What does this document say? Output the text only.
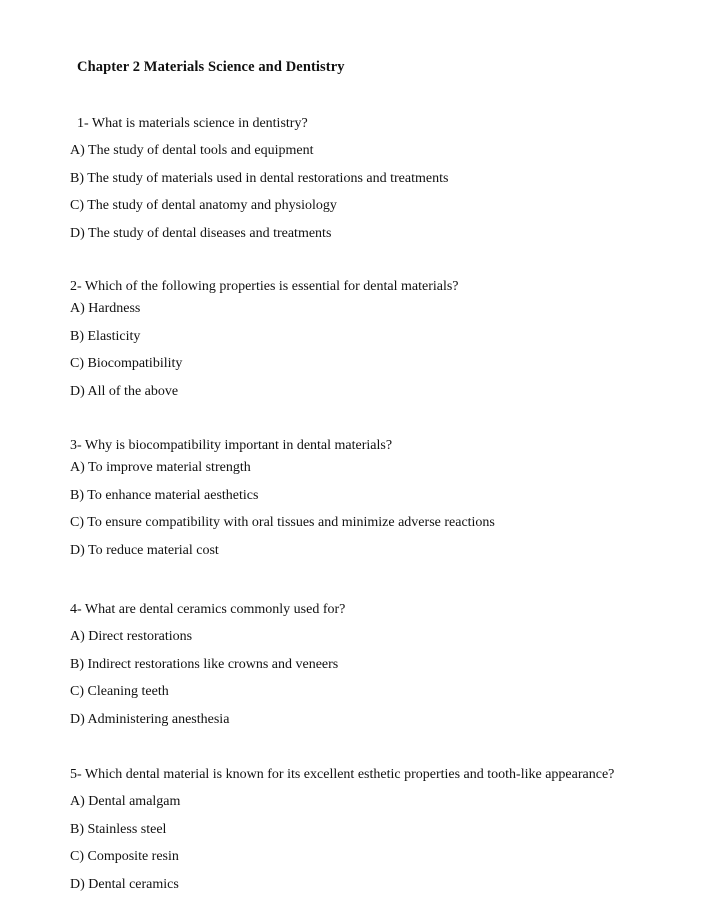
Chapter 2 Materials Science and Dentistry
1- What is materials science in dentistry?
A) The study of dental tools and equipment
B) The study of materials used in dental restorations and treatments
C) The study of dental anatomy and physiology
D) The study of dental diseases and treatments
2- Which of the following properties is essential for dental materials?
A) Hardness
B) Elasticity
C) Biocompatibility
D) All of the above
3- Why is biocompatibility important in dental materials?
A) To improve material strength
B) To enhance material aesthetics
C) To ensure compatibility with oral tissues and minimize adverse reactions
D) To reduce material cost
4- What are dental ceramics commonly used for?
A) Direct restorations
B) Indirect restorations like crowns and veneers
C) Cleaning teeth
D) Administering anesthesia
5- Which dental material is known for its excellent esthetic properties and tooth-like appearance?
A) Dental amalgam
B) Stainless steel
C) Composite resin
D) Dental ceramics
